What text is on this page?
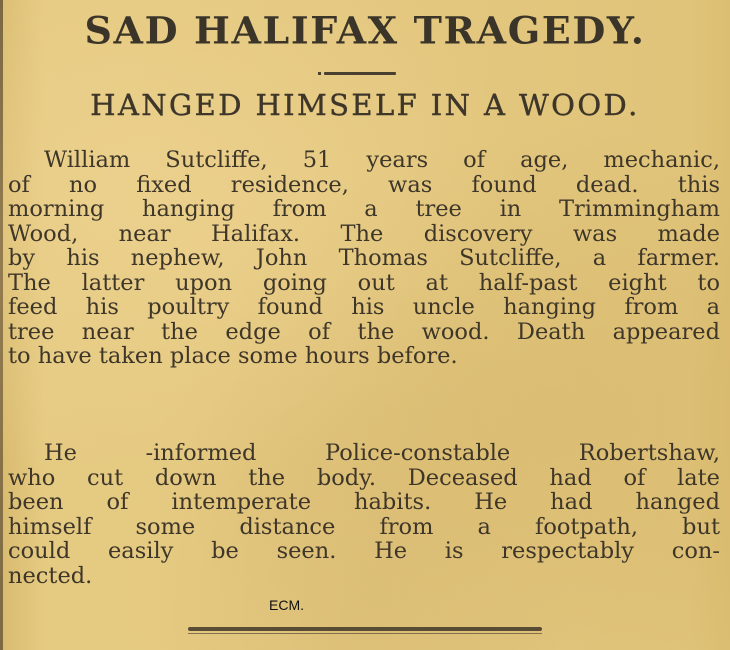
SAD HALIFAX TRAGEDY.
HANGED HIMSELF IN A WOOD.
William Sutcliffe, 51 years of age, mechanic,
of no fixed residence, was found dead. this
morning hanging from a tree in Trimmingham
Wood, near Halifax. The discovery was made
by his nephew, John Thomas Sutcliffe, a farmer.
The latter upon going out at half-past eight to
feed his poultry found his uncle hanging from a
tree near the edge of the wood. Death appeared
to have taken place some hours before.
He -informed Police-constable Robertshaw,
who cut down the body. Deceased had of late
been of intemperate habits. He had hanged
himself some distance from a footpath, but
could easily be seen. He is respectably con-
nected.
ECM.
